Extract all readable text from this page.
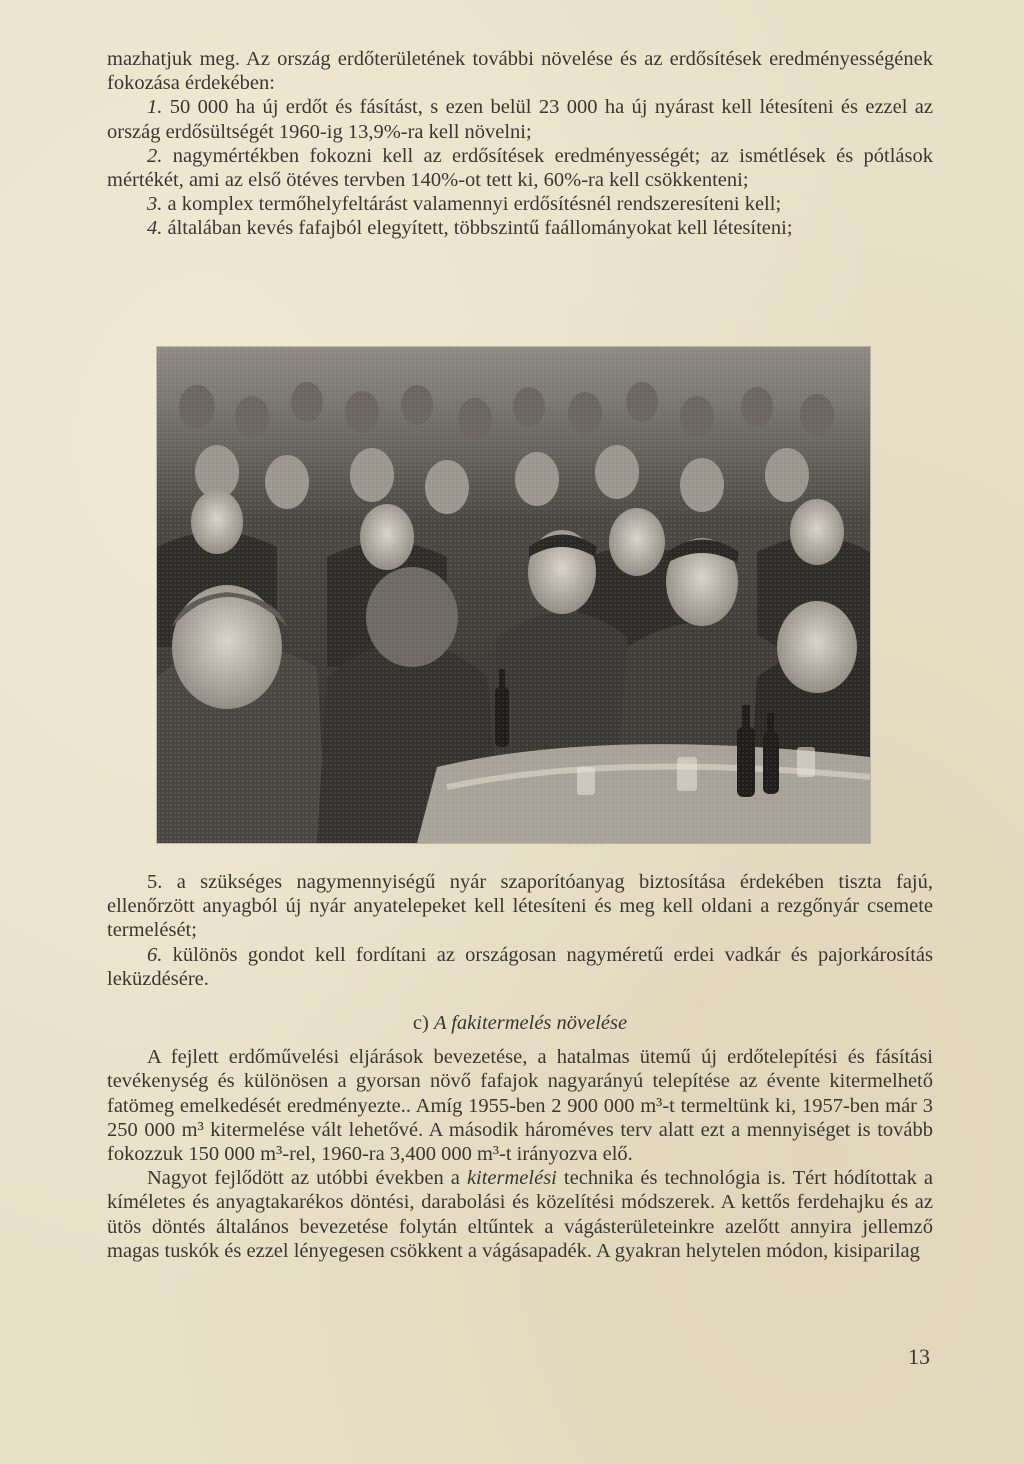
mazhatjuk meg. Az ország erdőterületének további növelése és az erdősítések eredményességének fokozása érdekében:

1. 50 000 ha új erdőt és fásítást, s ezen belül 23 000 ha új nyárast kell létesíteni és ezzel az ország erdősültségét 1960-ig 13,9%-ra kell növelni;

2. nagymértékben fokozni kell az erdősítések eredményességét; az ismétlések és pótlások mértékét, ami az első ötéves tervben 140%-ot tett ki, 60%-ra kell csökkenteni;

3. a komplex termőhelyfeltárást valamennyi erdősítésnél rendszeresíteni kell;

4. általában kevés fafajból elegyített, többszintű faállományokat kell létesíteni;

5. a szükséges nagymennyiségű nyár szaporítóanyag biztosítása érdekében tiszta fajú, ellenőrzött anyagból új nyár anyatelepeket kell létesíteni és meg kell oldani a rezgőnyár csemete termelését;

6. különös gondot kell fordítani az országosan nagyméretű erdei vadkár és pajorkárosítás leküzdésére.

c) A fakitermelés növelése

A fejlett erdőművelési eljárások bevezetése, a hatalmas ütemű új erdőtelepítési és fásítási tevékenység és különösen a gyorsan növő fafajok nagyarányú telepítése az évente kitermelhető fatömeg emelkedését eredményezte.. Amíg 1955-ben 2 900 000 m³-t termeltünk ki, 1957-ben már 3 250 000 m³ kitermelése vált lehetővé. A második hároméves terv alatt ezt a mennyiséget is tovább fokozzuk 150 000 m³-rel, 1960-ra 3,400 000 m³-t irányozva elő.

Nagyot fejlődött az utóbbi években a kitermelési technika és technológia is. Tért hódítottak a kíméletes és anyagtakarékos döntési, darabolási és közelítési módszerek. A kettős ferdehajku és az ütös döntés általános bevezetése folytán eltűntek a vágásterületeinkre azelőtt annyira jellemző magas tuskók és ezzel lényegesen csökkent a vágásapadék. A gyakran helytelen módon, kisiparilag

13
